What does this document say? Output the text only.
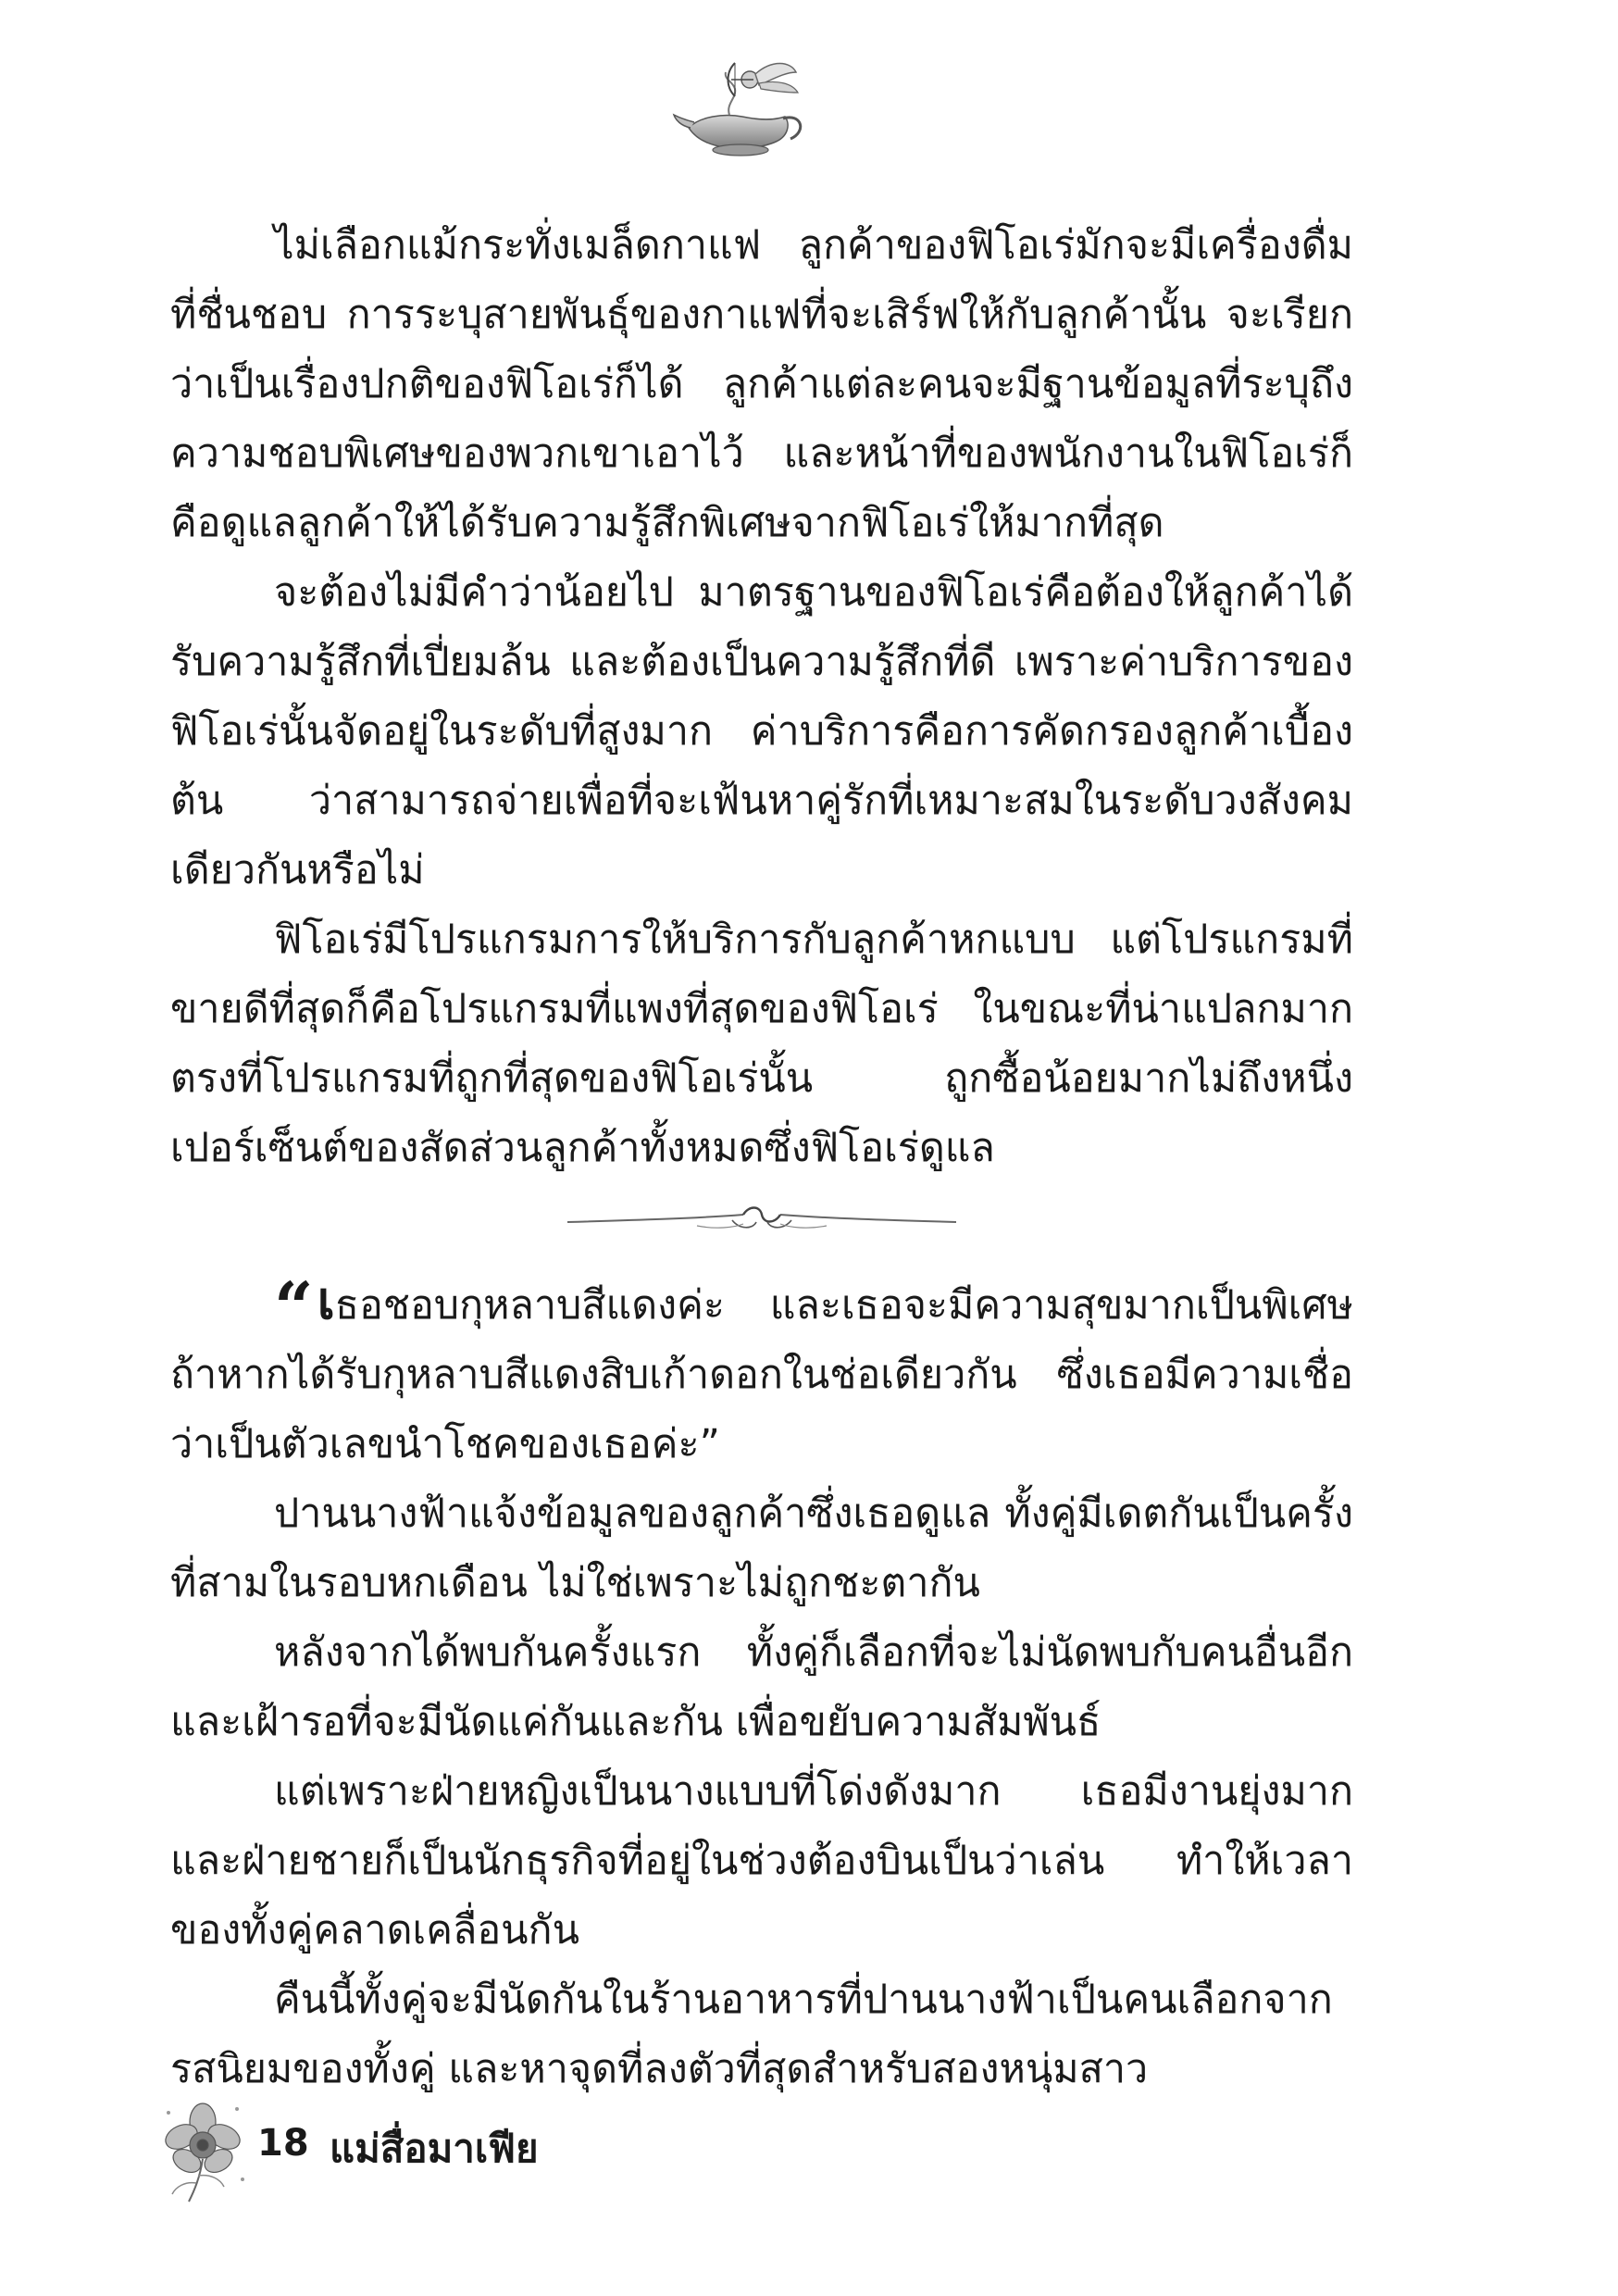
ไม่เลือกแม้กระทั่งเมล็ดกาแฟ ลูกค้าของฟิโอเร่มักจะมีเครื่องดื่มที่ชื่นชอบ การระบุสายพันธุ์ของกาแฟที่จะเสิร์ฟให้กับลูกค้านั้น จะเรียกว่าเป็นเรื่องปกติของฟิโอเร่ก็ได้ ลูกค้าแต่ละคนจะมีฐานข้อมูลที่ระบุถึงความชอบพิเศษของพวกเขาเอาไว้ และหน้าที่ของพนักงานในฟิโอเร่ก็คือดูแลลูกค้าให้ได้รับความรู้สึกพิเศษจากฟิโอเร่ให้มากที่สุด

จะต้องไม่มีคำว่าน้อยไป มาตรฐานของฟิโอเร่คือต้องให้ลูกค้าได้รับความรู้สึกที่เปี่ยมล้น และต้องเป็นความรู้สึกที่ดี เพราะค่าบริการของฟิโอเร่นั้นจัดอยู่ในระดับที่สูงมาก ค่าบริการคือการคัดกรองลูกค้าเบื้องต้น ว่าสามารถจ่ายเพื่อที่จะเฟ้นหาคู่รักที่เหมาะสมในระดับวงสังคมเดียวกันหรือไม่

ฟิโอเร่มีโปรแกรมการให้บริการกับลูกค้าหกแบบ แต่โปรแกรมที่ขายดีที่สุดก็คือโปรแกรมที่แพงที่สุดของฟิโอเร่ ในขณะที่น่าแปลกมากตรงที่โปรแกรมที่ถูกที่สุดของฟิโอเร่นั้น ถูกซื้อน้อยมากไม่ถึงหนึ่งเปอร์เซ็นต์ของสัดส่วนลูกค้าทั้งหมดซึ่งฟิโอเร่ดูแล

“เธอชอบกุหลาบสีแดงค่ะ และเธอจะมีความสุขมากเป็นพิเศษถ้าหากได้รับกุหลาบสีแดงสิบเก้าดอกในช่อเดียวกัน ซึ่งเธอมีความเชื่อว่าเป็นตัวเลขนำโชคของเธอค่ะ”

ปานนางฟ้าแจ้งข้อมูลของลูกค้าซึ่งเธอดูแล ทั้งคู่มีเดตกันเป็นครั้งที่สามในรอบหกเดือน ไม่ใช่เพราะไม่ถูกชะตากัน

หลังจากได้พบกันครั้งแรก ทั้งคู่ก็เลือกที่จะไม่นัดพบกับคนอื่นอีกและเฝ้ารอที่จะมีนัดแค่กันและกัน เพื่อขยับความสัมพันธ์

แต่เพราะฝ่ายหญิงเป็นนางแบบที่โด่งดังมาก เธอมีงานยุ่งมาก และฝ่ายชายก็เป็นนักธุรกิจที่อยู่ในช่วงต้องบินเป็นว่าเล่น ทำให้เวลาของทั้งคู่คลาดเคลื่อนกัน

คืนนี้ทั้งคู่จะมีนัดกันในร้านอาหารที่ปานนางฟ้าเป็นคนเลือกจากรสนิยมของทั้งคู่ และหาจุดที่ลงตัวที่สุดสำหรับสองหนุ่มสาว

18 แม่สื่อมาเฟีย
